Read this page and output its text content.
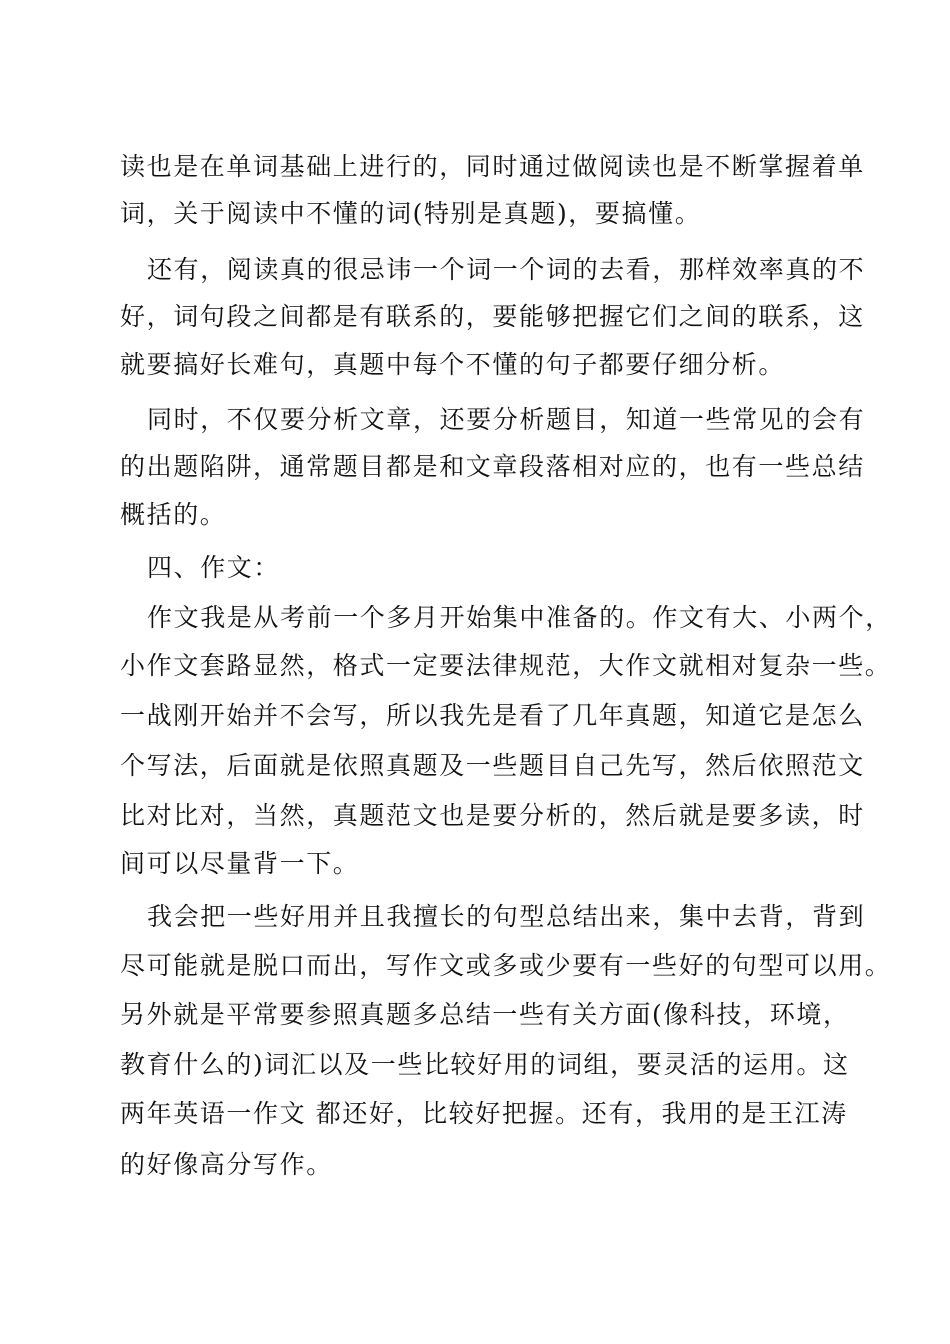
读也是在单词基础上进行的，同时通过做阅读也是不断掌握着单
词，关于阅读中不懂的词(特别是真题)，要搞懂。
还有，阅读真的很忌讳一个词一个词的去看，那样效率真的不
好，词句段之间都是有联系的，要能够把握它们之间的联系，这
就要搞好长难句，真题中每个不懂的句子都要仔细分析。
同时，不仅要分析文章，还要分析题目，知道一些常见的会有
的出题陷阱，通常题目都是和文章段落相对应的，也有一些总结
概括的。
四、作文：
作文我是从考前一个多月开始集中准备的。作文有大、小两个，
小作文套路显然，格式一定要法律规范，大作文就相对复杂一些。
一战刚开始并不会写，所以我先是看了几年真题，知道它是怎么
个写法，后面就是依照真题及一些题目自己先写，然后依照范文
比对比对，当然，真题范文也是要分析的，然后就是要多读，时
间可以尽量背一下。
我会把一些好用并且我擅长的句型总结出来，集中去背，背到
尽可能就是脱口而出，写作文或多或少要有一些好的句型可以用。
另外就是平常要参照真题多总结一些有关方面(像科技，环境，
教育什么的)词汇以及一些比较好用的词组，要灵活的运用。这
两年英语一作文 都还好，比较好把握。还有，我用的是王江涛
的好像高分写作。
